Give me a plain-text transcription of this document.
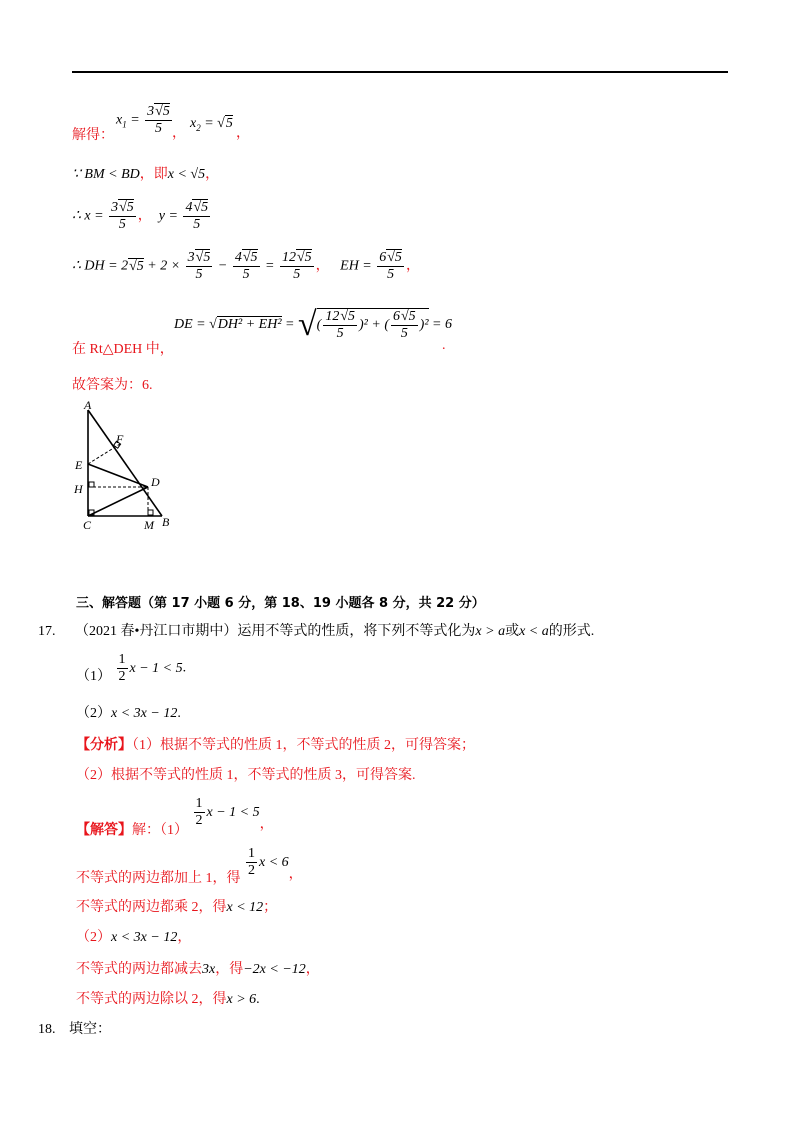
解得：
$x_1 = \frac{3√5}{5}$ ，
$x_2 = √5$
，
∵ BM < BD，即x < √5，
∴ $x = \frac{3√5}{5}$ ，  $y = \frac{4√5}{5}$
∴ DH = $2√5 + 2 \times \frac{3√5}{5} - \frac{4√5}{5} = \frac{12√5}{5}$ ，   EH = $\frac{6√5}{5}$ ，
在 Rt△DEH 中，
DE = √DH² + EH² = √( $\frac{12√5}{5} )^2$ + ( $\frac{6√5}{5} )^2 = 6$
.
故答案为：6.
A
F
E
H	D
C	M B
三、解答题（第 17 小题 6 分，第 18、19 小题各 8 分，共 22 分）
17. （2021 春•丹江口市期中）运用不等式的性质，将下列不等式化为x > a或x < a的形式.
$(1) \frac{1}{2}$ x − 1 < 5.
（2）x < 3x − 12.
【分析】（1）根据不等式的性质 1，不等式的性质 2，可得答案；
（2）根据不等式的性质 1，不等式的性质 3，可得答案.
【解答】解：（1）
$\frac{1}{2}$ x − 1 < 5，
不等式的两边都加上 1，得 $\frac{1}{2}$ x < 6，
不等式的两边都乘 2，得x < 12；
（2）x < 3x − 12，
不等式的两边都减去3x，得−2x < −12，
不等式的两边除以 2，得x > 6.
18. 填空：
